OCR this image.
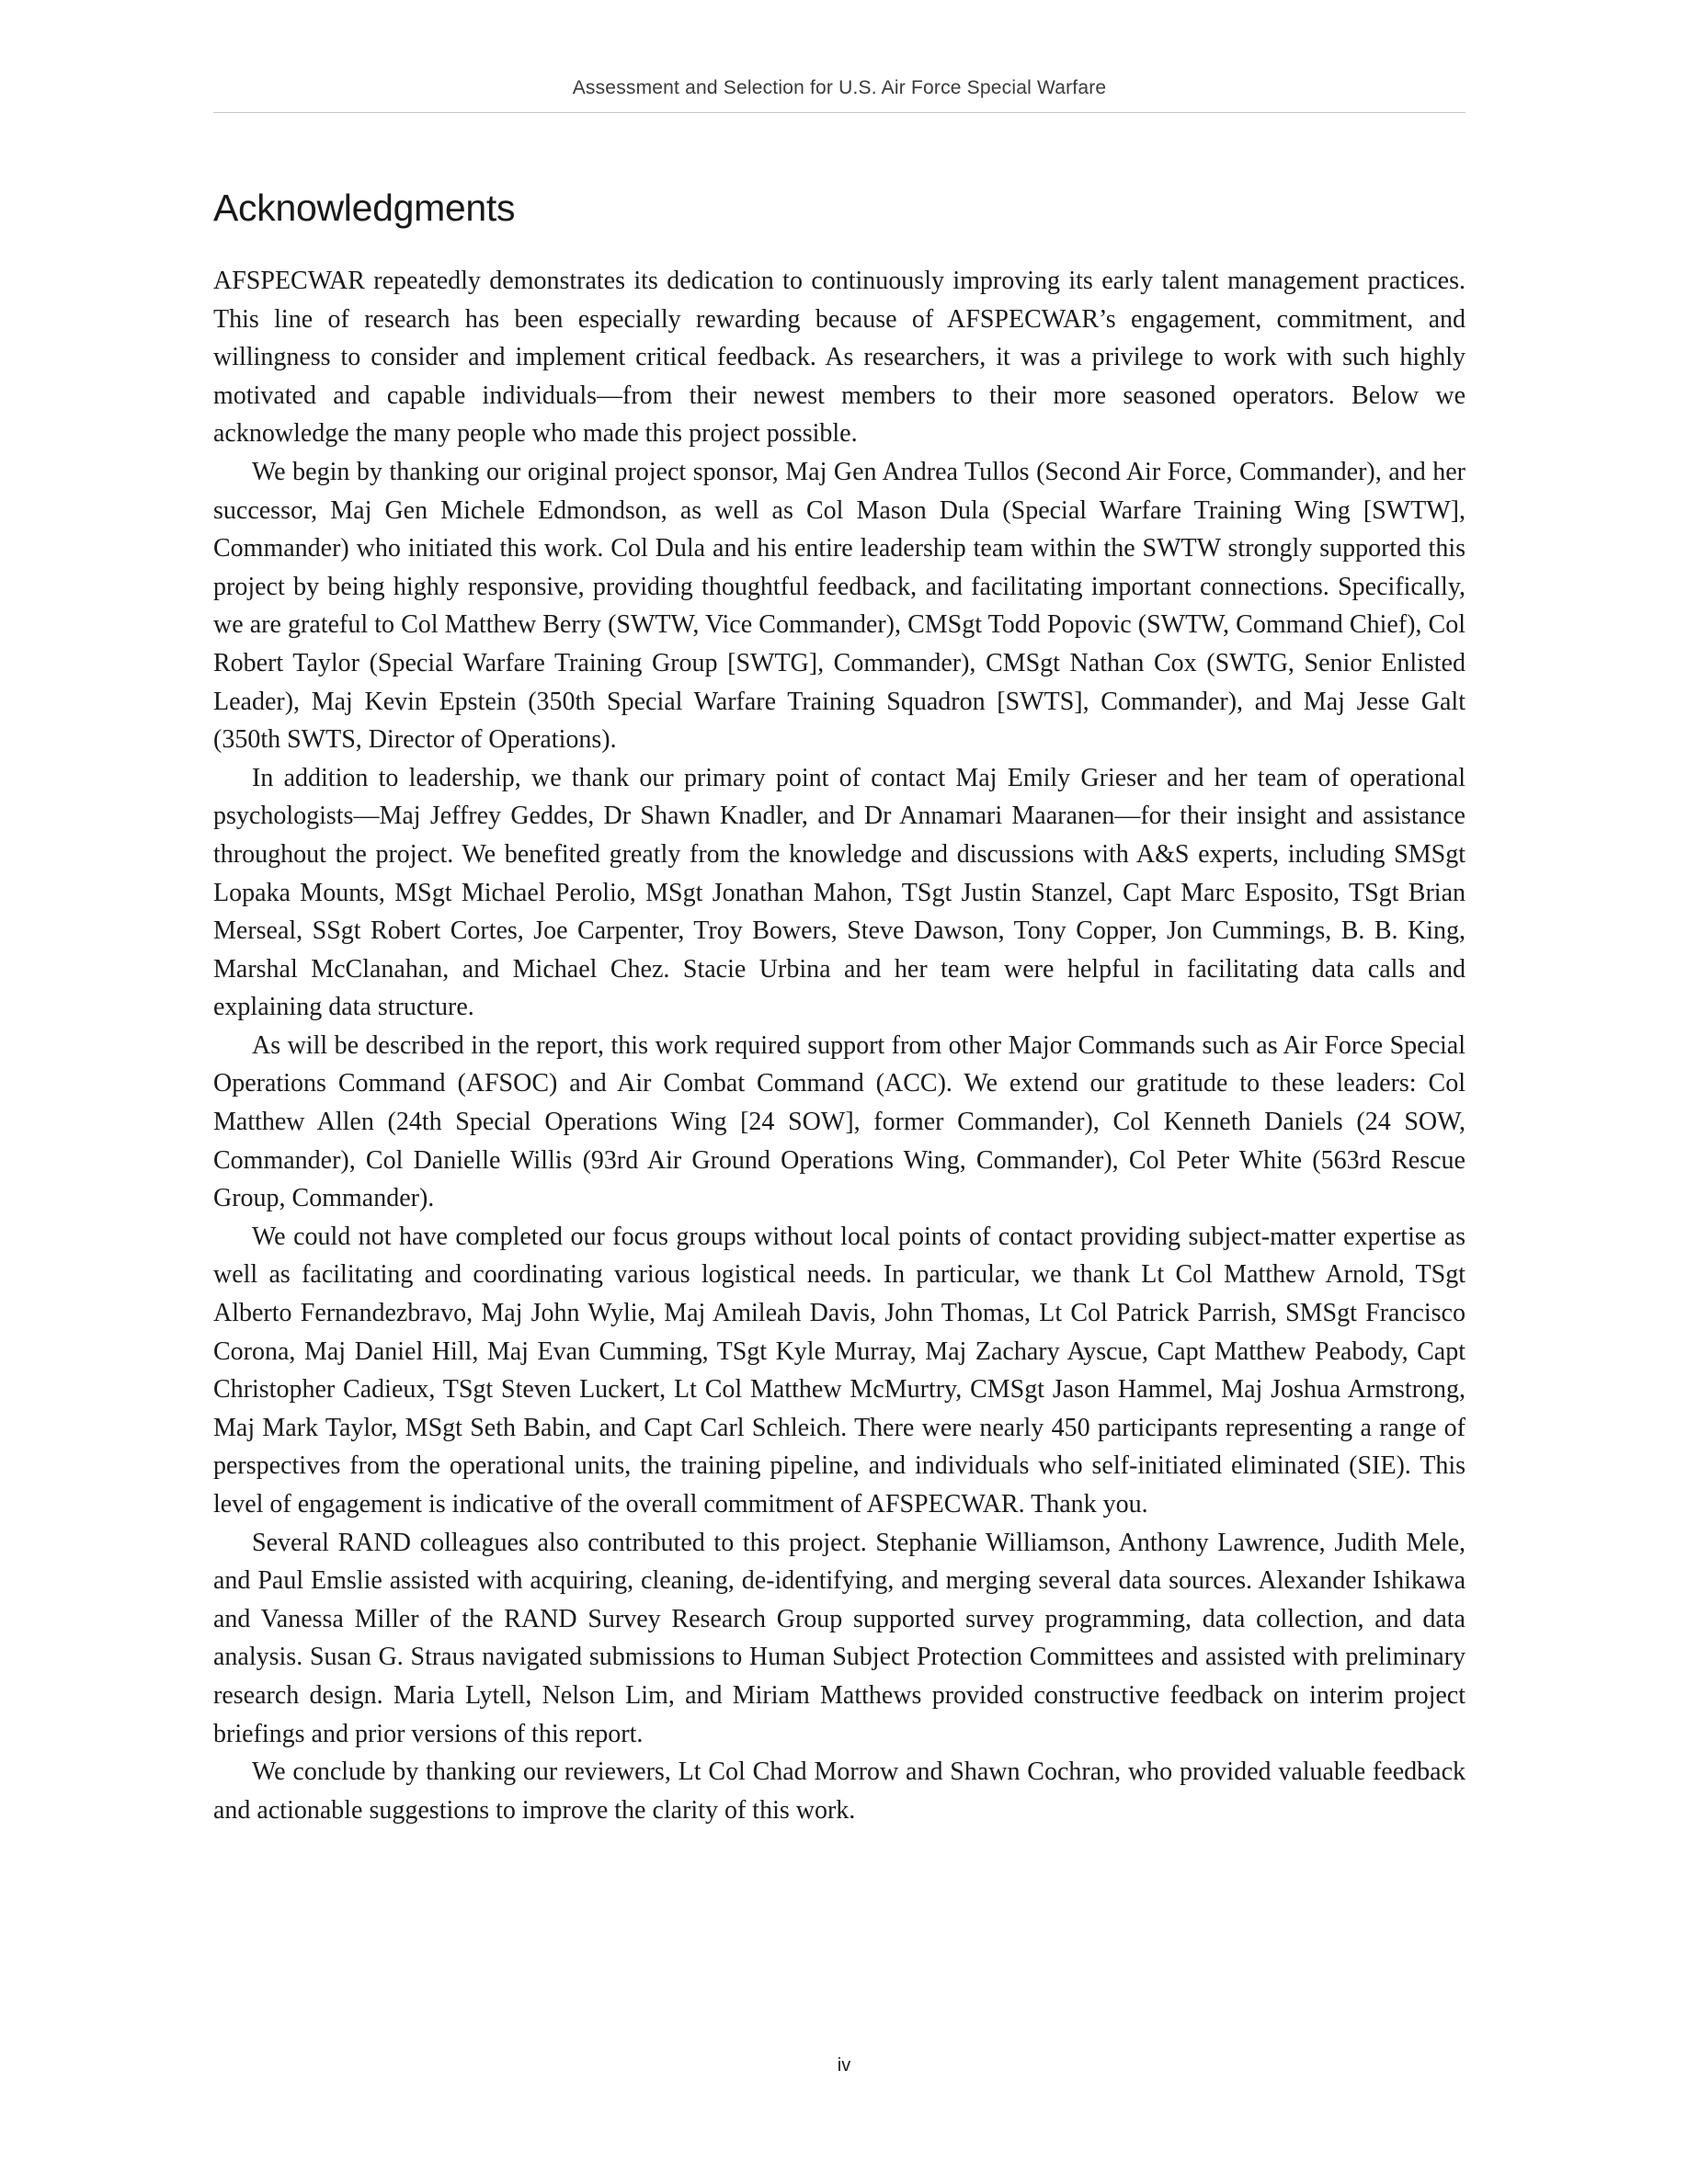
Assessment and Selection for U.S. Air Force Special Warfare
Acknowledgments

AFSPECWAR repeatedly demonstrates its dedication to continuously improving its early talent management practices. This line of research has been especially rewarding because of AFSPECWAR’s engagement, commitment, and willingness to consider and implement critical feedback. As researchers, it was a privilege to work with such highly motivated and capable individuals—from their newest members to their more seasoned operators. Below we acknowledge the many people who made this project possible.

We begin by thanking our original project sponsor, Maj Gen Andrea Tullos (Second Air Force, Commander), and her successor, Maj Gen Michele Edmondson, as well as Col Mason Dula (Special Warfare Training Wing [SWTW], Commander) who initiated this work. Col Dula and his entire leadership team within the SWTW strongly supported this project by being highly responsive, providing thoughtful feedback, and facilitating important connections. Specifically, we are grateful to Col Matthew Berry (SWTW, Vice Commander), CMSgt Todd Popovic (SWTW, Command Chief), Col Robert Taylor (Special Warfare Training Group [SWTG], Commander), CMSgt Nathan Cox (SWTG, Senior Enlisted Leader), Maj Kevin Epstein (350th Special Warfare Training Squadron [SWTS], Commander), and Maj Jesse Galt (350th SWTS, Director of Operations).

In addition to leadership, we thank our primary point of contact Maj Emily Grieser and her team of operational psychologists—Maj Jeffrey Geddes, Dr Shawn Knadler, and Dr Annamari Maaranen—for their insight and assistance throughout the project. We benefited greatly from the knowledge and discussions with A&S experts, including SMSgt Lopaka Mounts, MSgt Michael Perolio, MSgt Jonathan Mahon, TSgt Justin Stanzel, Capt Marc Esposito, TSgt Brian Merseal, SSgt Robert Cortes, Joe Carpenter, Troy Bowers, Steve Dawson, Tony Copper, Jon Cummings, B. B. King, Marshal McClanahan, and Michael Chez. Stacie Urbina and her team were helpful in facilitating data calls and explaining data structure.

As will be described in the report, this work required support from other Major Commands such as Air Force Special Operations Command (AFSOC) and Air Combat Command (ACC). We extend our gratitude to these leaders: Col Matthew Allen (24th Special Operations Wing [24 SOW], former Commander), Col Kenneth Daniels (24 SOW, Commander), Col Danielle Willis (93rd Air Ground Operations Wing, Commander), Col Peter White (563rd Rescue Group, Commander).

We could not have completed our focus groups without local points of contact providing subject-matter expertise as well as facilitating and coordinating various logistical needs. In particular, we thank Lt Col Matthew Arnold, TSgt Alberto Fernandezbravo, Maj John Wylie, Maj Amileah Davis, John Thomas, Lt Col Patrick Parrish, SMSgt Francisco Corona, Maj Daniel Hill, Maj Evan Cumming, TSgt Kyle Murray, Maj Zachary Ayscue, Capt Matthew Peabody, Capt Christopher Cadieux, TSgt Steven Luckert, Lt Col Matthew McMurtry, CMSgt Jason Hammel, Maj Joshua Armstrong, Maj Mark Taylor, MSgt Seth Babin, and Capt Carl Schleich. There were nearly 450 participants representing a range of perspectives from the operational units, the training pipeline, and individuals who self-initiated eliminated (SIE). This level of engagement is indicative of the overall commitment of AFSPECWAR. Thank you.

Several RAND colleagues also contributed to this project. Stephanie Williamson, Anthony Lawrence, Judith Mele, and Paul Emslie assisted with acquiring, cleaning, de-identifying, and merging several data sources. Alexander Ishikawa and Vanessa Miller of the RAND Survey Research Group supported survey programming, data collection, and data analysis. Susan G. Straus navigated submissions to Human Subject Protection Committees and assisted with preliminary research design. Maria Lytell, Nelson Lim, and Miriam Matthews provided constructive feedback on interim project briefings and prior versions of this report.

We conclude by thanking our reviewers, Lt Col Chad Morrow and Shawn Cochran, who provided valuable feedback and actionable suggestions to improve the clarity of this work.

iv
